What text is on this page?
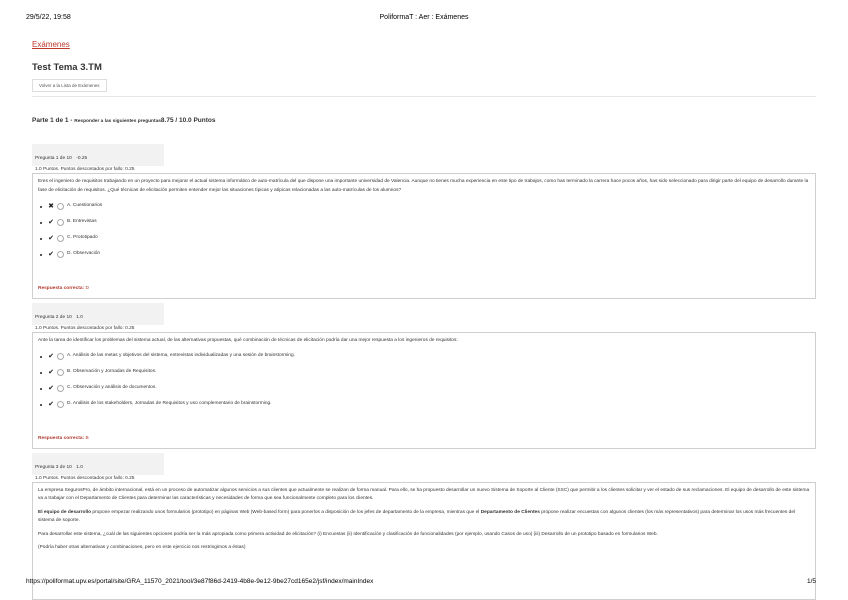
29/5/22, 19:58	PoliformaT : Aer : Exámenes
Exámenes
Test Tema 3.TM
Volver a la Lista de Exámenes
Parte 1 de 1 - Responder a las siguientes preguntas8.75 / 10.0 Puntos
Pregunta 1 de 10 -0.25
1.0 Puntos. Puntos descontados por fallo: 0.25
Eres el ingeniero de requisitos trabajando en un proyecto para mejorar el actual sistema informático de auto-matrícula del que dispone una importante universidad de Valencia. Aunque no tienes mucha experiencia en este tipo de trabajos, como has terminado la carrera hace pocos años, has sido seleccionado para dirigir parte del equipo de desarrollo durante la fase de elicitación de requisitos. ¿Qué técnicas de elicitación permiten entender mejor las situaciones típicas y atípicas relacionadas a las auto-matrículas de los alumnos?
✖	A. Cuestionarios
✔	B. Entrevistas
✔	C. Prototipado
✔	D. Observación
Respuesta correcta: D
Pregunta 2 de 10 1.0
1.0 Puntos. Puntos descontados por fallo: 0.25
Ante la tarea de identificar los problemas del sistema actual, de las alternativas propuestas, qué combinación de técnicas de elicitación podría dar una mejor respuesta a los ingenieros de requisitos:
✔	A. Análisis de las metas y objetivos del sistema, entrevistas individualizadas y una sesión de brainstorming.
✔	B. Observación y Jornadas de Requisitos.
✔	C. Observación y análisis de documentos.
✔	D. Análisis de los stakeholders, Jornadas de Requisitos y uso complementario de brainstorming.
Respuesta correcta: B
Pregunta 3 de 10 1.0
1.0 Puntos. Puntos descontados por fallo: 0.25
La empresa SegurosPro, de ámbito internacional, está en un proceso de automatizar algunos servicios a sus clientes que actualmente se realizan de forma manual. Para ello, se ha propuesto desarrollar un nuevo Sistema de Soporte al Cliente (SSC) que permitir a los clientes solicitar y ver el estado de sus reclamaciones. El equipo de desarrollo de este sistema va a trabajar con el Departamento de Clientes para determinar las características y necesidades de forma que sea funcionalmente completo para los clientes.
El equipo de desarrollo propone empezar realizando unos formularios (prototipo) en páginas Web (Web-based form) para ponerlos a disposición de los jefes de departamento de la empresa, mientras que el Departamento de Clientes propone realizar encuestas con algunos clientes (los más representativos) para determinar los usos más frecuentes del sistema de soporte.
Para desarrollar este sistema, ¿cuál de las siguientes opciones podría ser la más apropiada como primera actividad de elicitación? (i) Encuestas (ii) Identificación y clasificación de funcionalidades (por ejemplo, usando Casos de uso) (iii) Desarrollo de un prototipo basado en formularios Web.
(Podría haber otras alternativas y combinaciones, pero en este ejercicio nos restringimos a éstas)
https://poliformat.upv.es/portal/site/GRA_11570_2021/tool/3e87f86d-2419-4b8e-9e12-9be27cd165e2/jsf/index/mainIndex	1/5
